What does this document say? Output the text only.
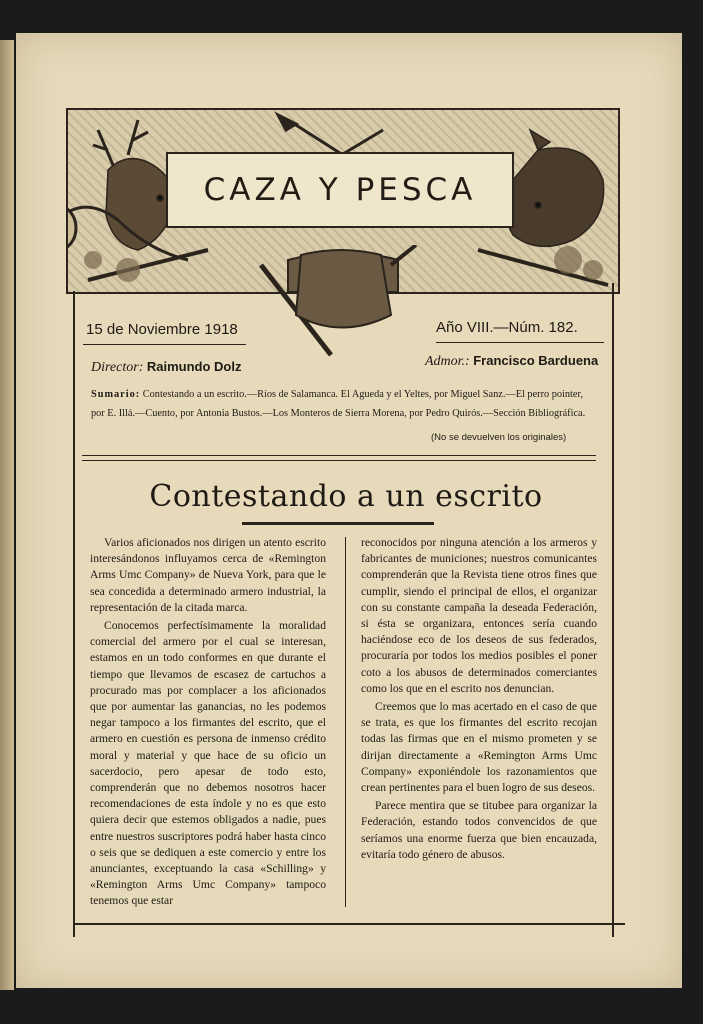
CAZA Y PESCA
15 de Noviembre 1918	Año VIII.—Núm. 182.
Director: Raimundo Dolz	Admor.: Francisco Barduena
Sumario: Contestando a un escrito.—Ríos de Salamanca. El Agueda y el Yeltes, por Miguel Sanz.—El perro pointer, por E. Illá.—Cuento, por Antonia Bustos.—Los Monteros de Sierra Morena, por Pedro Quirós.—Sección Bibliográfica.
(No se devuelven los originales)
Contestando a un escrito

Varios aficionados nos dirigen un atento escrito interesándonos influyamos cerca de «Remington Arms Umc Company» de Nueva York, para que le sea concedida a determinado armero industrial, la representación de la citada marca.

Conocemos perfectísimamente la moralidad comercial del armero por el cual se interesan, estamos en un todo conformes en que durante el tiempo que llevamos de escasez de cartuchos a procurado mas por complacer a los aficionados que por aumentar las ganancias, no les podemos negar tampoco a los firmantes del escrito, que el armero en cuestión es persona de inmenso crédito moral y material y que hace de su oficio un sacerdocio, pero apesar de todo esto, comprenderán que no debemos nosotros hacer recomendaciones de esta índole y no es que esto quiera decir que estemos obligados a nadie, pues entre nuestros suscriptores podrá haber hasta cinco o seis que se dediquen a este comercio y entre los anunciantes, exceptuando la casa «Schilling» y «Remington Arms Umc Company» tampoco tenemos que estar

reconocidos por ninguna atención a los armeros y fabricantes de municiones; nuestros comunicantes comprenderán que la Revista tiene otros fines que cumplir, siendo el principal de ellos, el organizar con su constante campaña la deseada Federación, si ésta se organizara, entonces sería cuando haciéndose eco de los deseos de sus federados, procuraría por todos los medios posibles el poner coto a los abusos de determinados comerciantes como los que en el escrito nos denuncian.

Creemos que lo mas acertado en el caso de que se trata, es que los firmantes del escrito recojan todas las firmas que en el mismo prometen y se dirijan directamente a «Remington Arms Umc Company» exponiéndole los razonamientos que crean pertinentes para el buen logro de sus deseos.

Parece mentira que se titubee para organizar la Federación, estando todos convencidos de que seríamos una enorme fuerza que bien encauzada, evitaría todo género de abusos.
